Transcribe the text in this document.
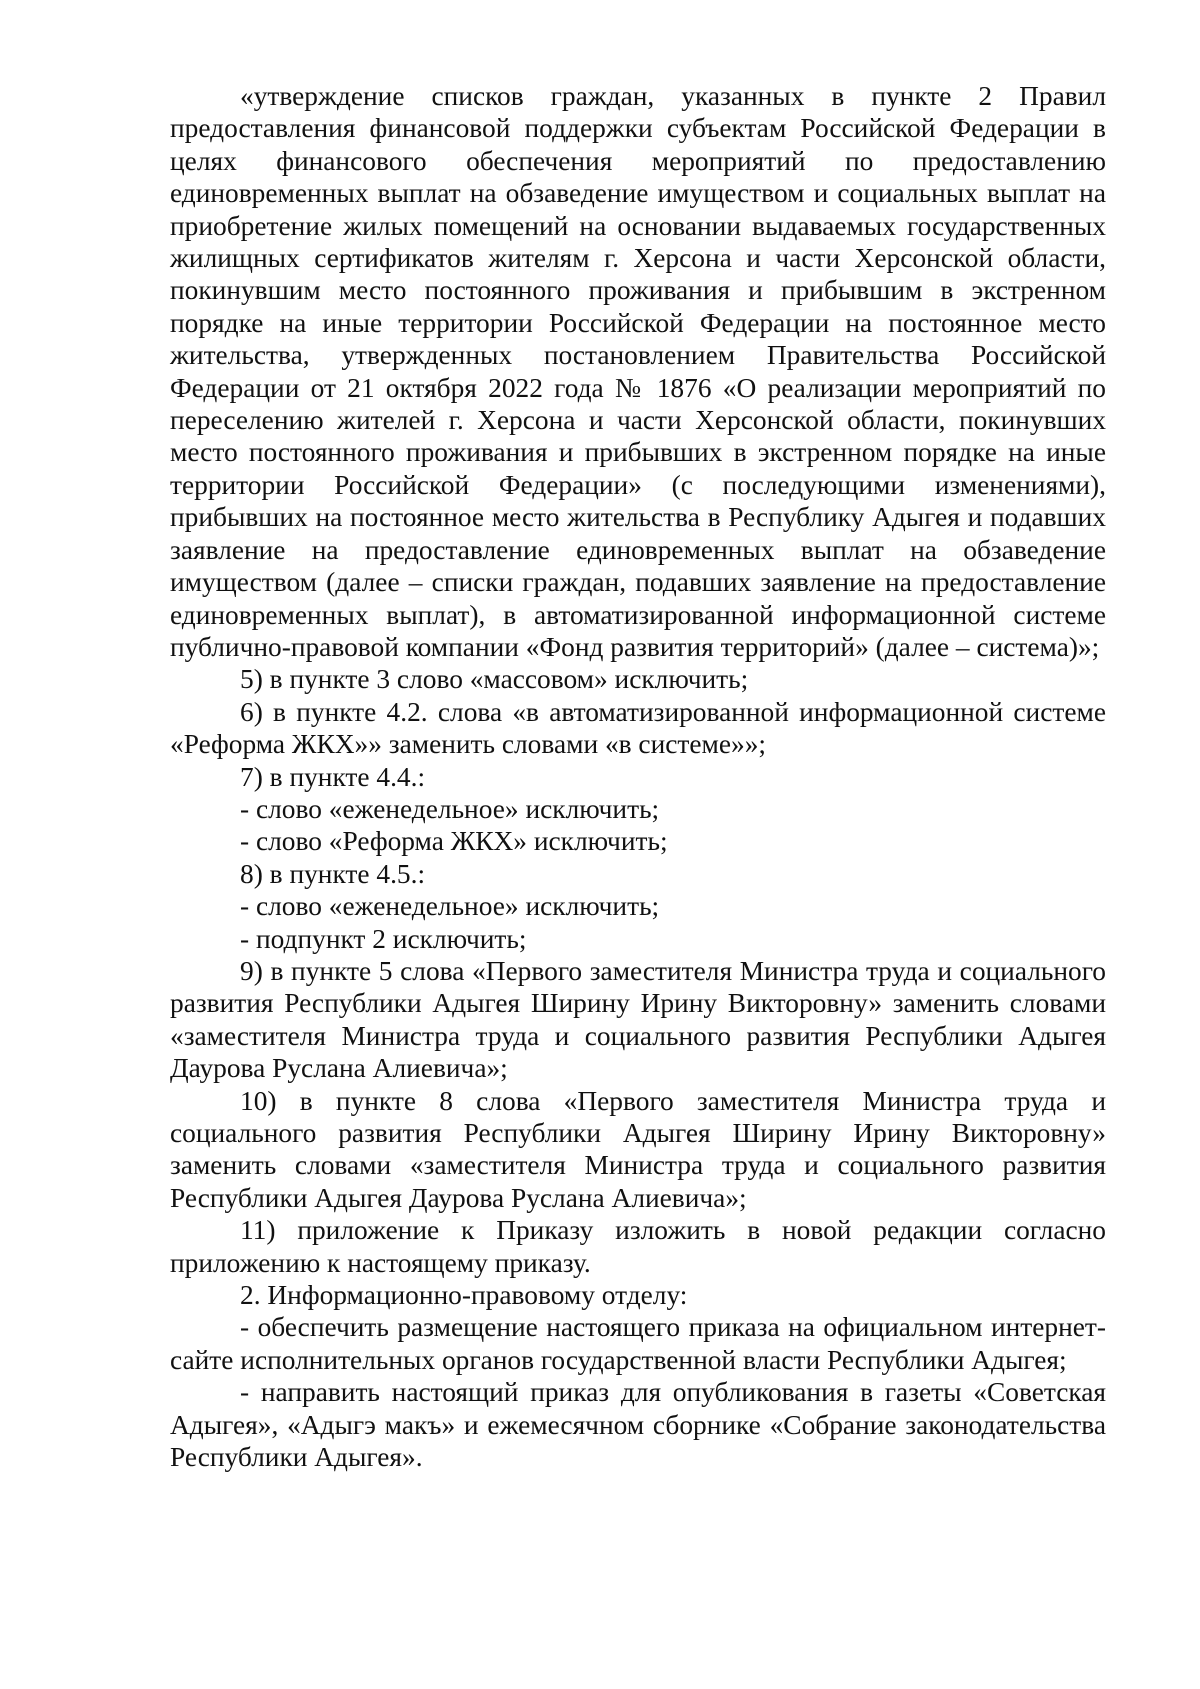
«утверждение списков граждан, указанных в пункте 2 Правил предоставления финансовой поддержки субъектам Российской Федерации в целях финансового обеспечения мероприятий по предоставлению единовременных выплат на обзаведение имуществом и социальных выплат на приобретение жилых помещений на основании выдаваемых государственных жилищных сертификатов жителям г. Херсона и части Херсонской области, покинувшим место постоянного проживания и прибывшим в экстренном порядке на иные территории Российской Федерации на постоянное место жительства, утвержденных постановлением Правительства Российской Федерации от 21 октября 2022 года № 1876 «О реализации мероприятий по переселению жителей г. Херсона и части Херсонской области, покинувших место постоянного проживания и прибывших в экстренном порядке на иные территории Российской Федерации» (с последующими изменениями), прибывших на постоянное место жительства в Республику Адыгея и подавших заявление на предоставление единовременных выплат на обзаведение имуществом (далее – списки граждан, подавших заявление на предоставление единовременных выплат), в автоматизированной информационной системе публично-правовой компании «Фонд развития территорий» (далее – система)»;

5) в пункте 3 слово «массовом» исключить;

6) в пункте 4.2. слова «в автоматизированной информационной системе «Реформа ЖКХ»» заменить словами «в системе»»;

7) в пункте 4.4.:

- слово «еженедельное» исключить;

- слово «Реформа ЖКХ» исключить;

8) в пункте 4.5.:

- слово «еженедельное» исключить;

- подпункт 2 исключить;

9) в пункте 5 слова «Первого заместителя Министра труда и социального развития Республики Адыгея Ширину Ирину Викторовну» заменить словами «заместителя Министра труда и социального развития Республики Адыгея Даурова Руслана Алиевича»;

10) в пункте 8 слова «Первого заместителя Министра труда и социального развития Республики Адыгея Ширину Ирину Викторовну» заменить словами «заместителя Министра труда и социального развития Республики Адыгея Даурова Руслана Алиевича»;

11) приложение к Приказу изложить в новой редакции согласно приложению к настоящему приказу.

2. Информационно-правовому отделу:

- обеспечить размещение настоящего приказа на официальном интернет-сайте исполнительных органов государственной власти Республики Адыгея;

- направить настоящий приказ для опубликования в газеты «Советская Адыгея», «Адыгэ макъ» и ежемесячном сборнике «Собрание законодательства Республики Адыгея».
